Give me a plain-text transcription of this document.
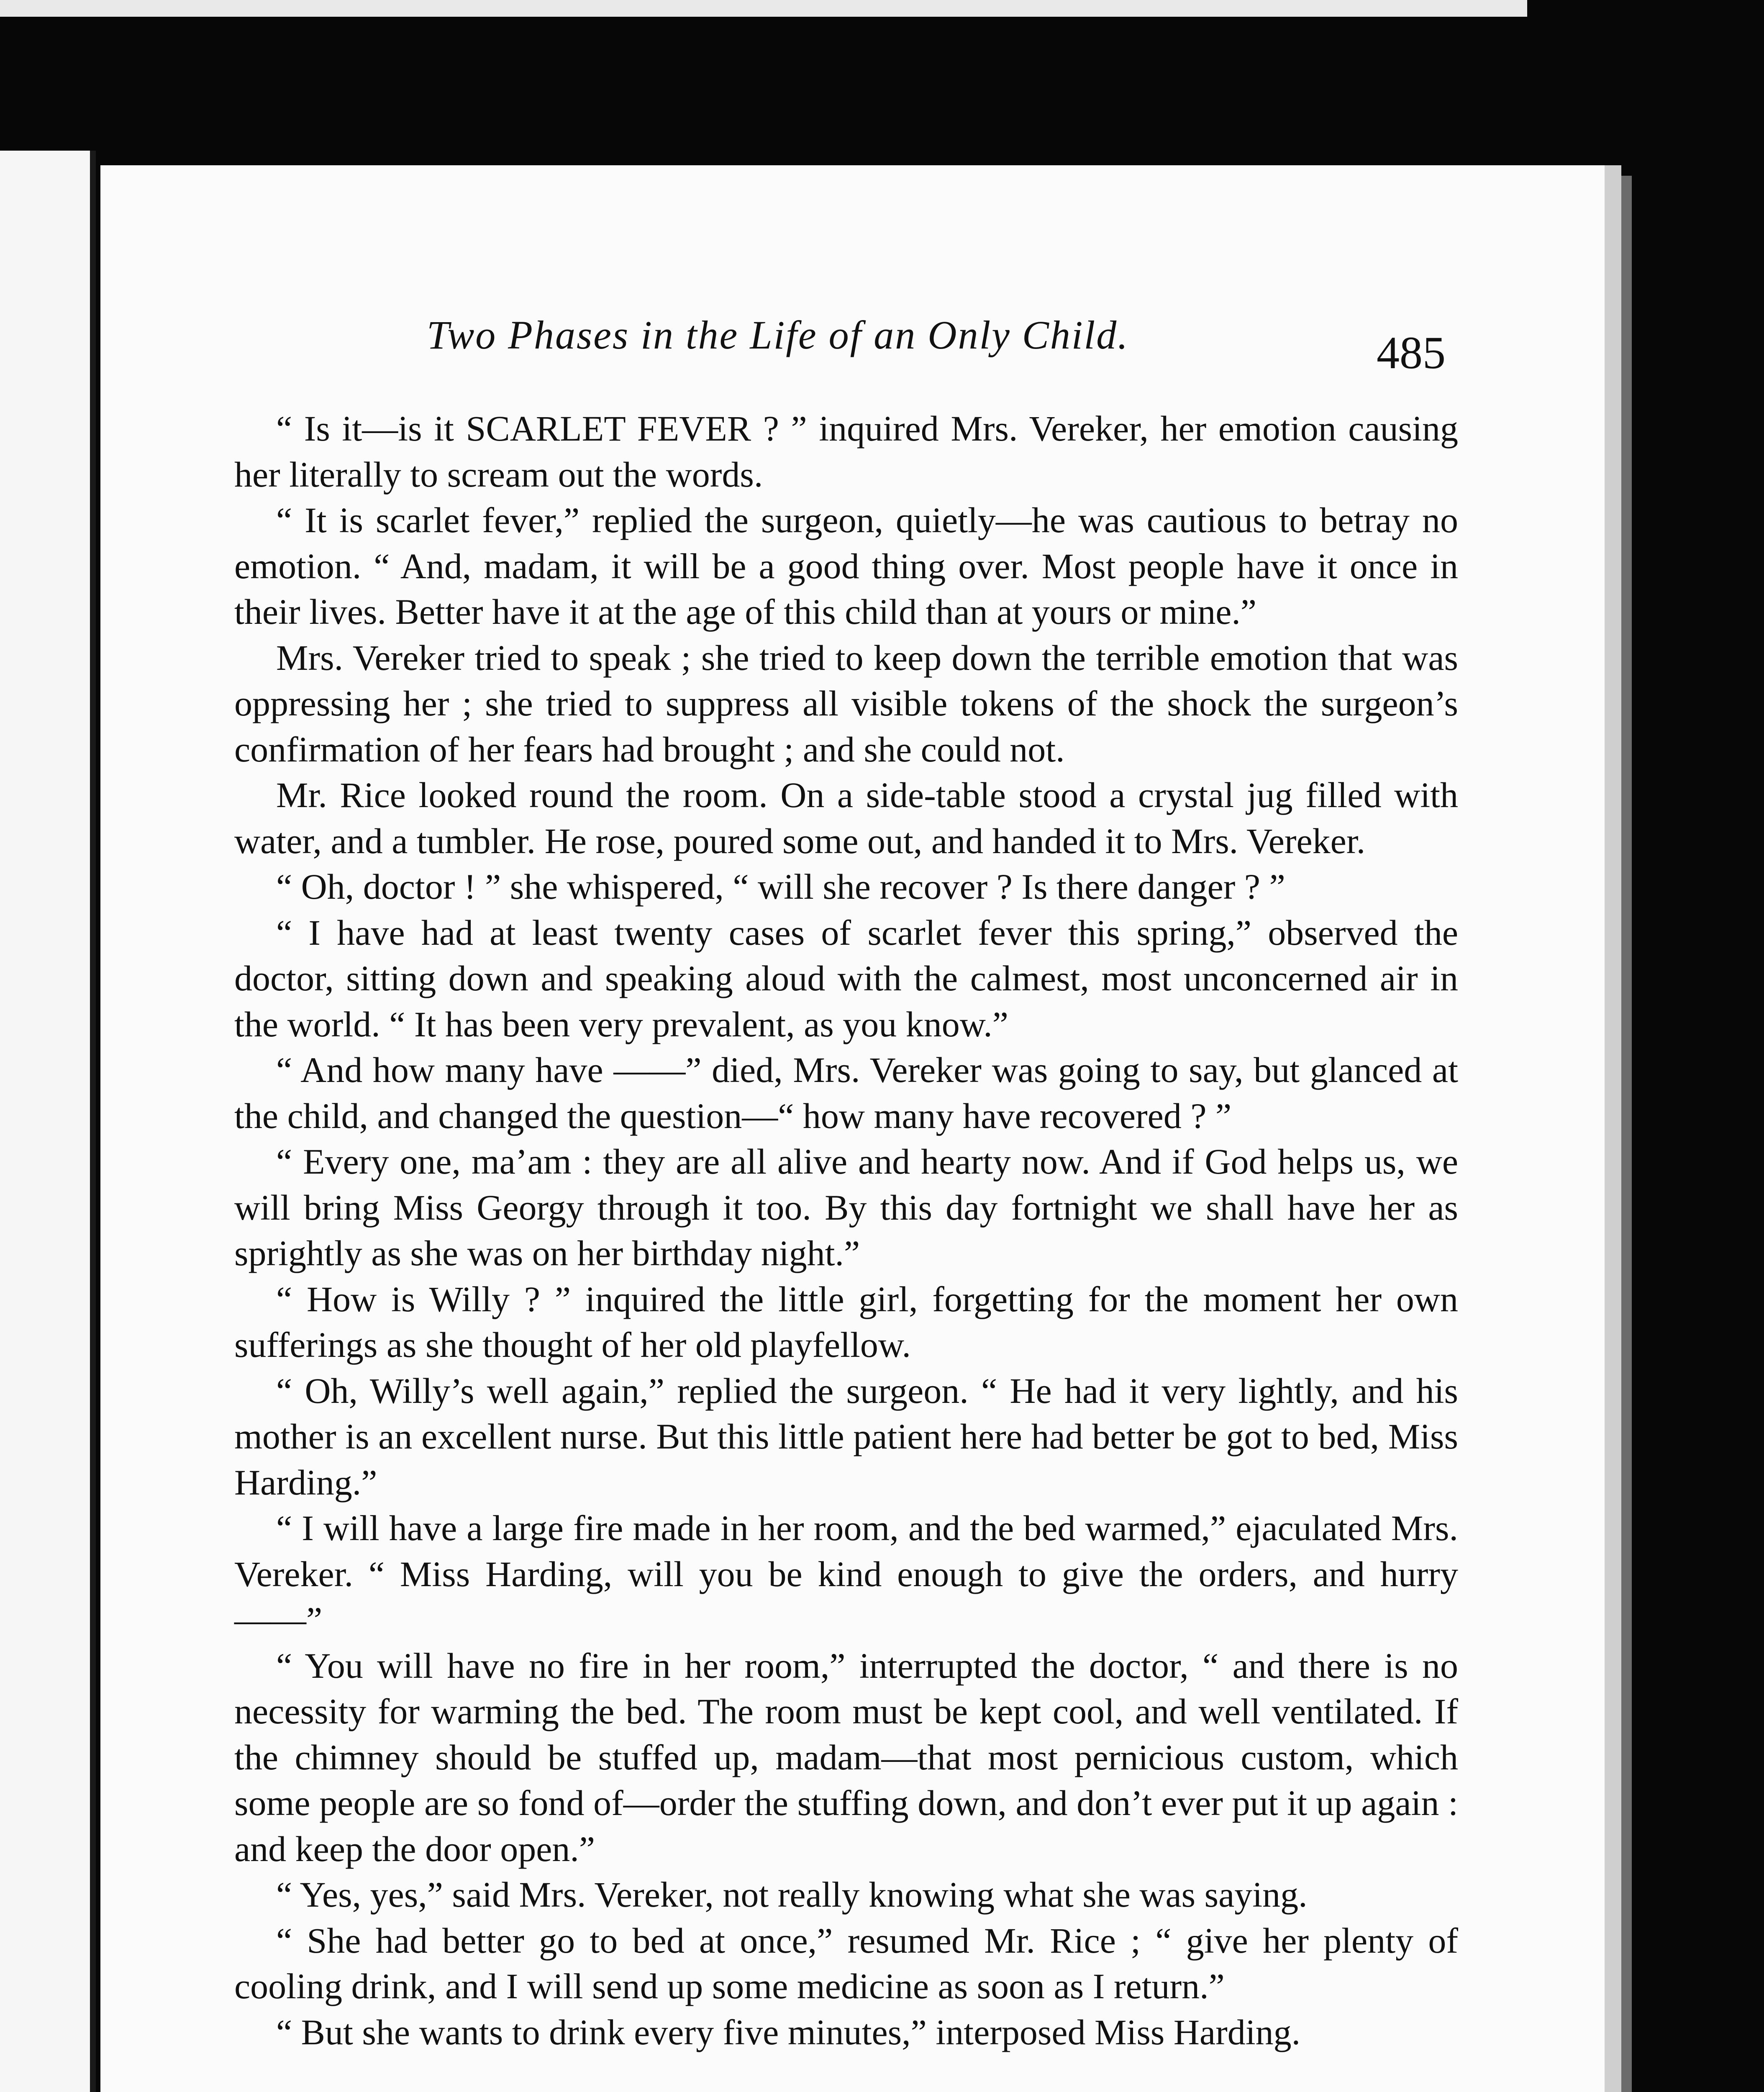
Two Phases in the Life of an Only Child.	485

“ Is it—is it SCARLET FEVER ? ” inquired Mrs. Vereker, her emotion causing her literally to scream out the words.

“ It is scarlet fever,” replied the surgeon, quietly—he was cautious to betray no emotion. “ And, madam, it will be a good thing over. Most people have it once in their lives. Better have it at the age of this child than at yours or mine.”

Mrs. Vereker tried to speak ; she tried to keep down the terrible emotion that was oppressing her ; she tried to suppress all visible tokens of the shock the surgeon’s confirmation of her fears had brought ; and she could not.

Mr. Rice looked round the room. On a side-table stood a crystal jug filled with water, and a tumbler. He rose, poured some out, and handed it to Mrs. Vereker.

“ Oh, doctor ! ” she whispered, “ will she recover ? Is there danger ? ”

“ I have had at least twenty cases of scarlet fever this spring,” observed the doctor, sitting down and speaking aloud with the calmest, most unconcerned air in the world. “ It has been very prevalent, as you know.”

“ And how many have ——” died, Mrs. Vereker was going to say, but glanced at the child, and changed the question—“ how many have recovered ? ”

“ Every one, ma’am : they are all alive and hearty now. And if God helps us, we will bring Miss Georgy through it too. By this day fortnight we shall have her as sprightly as she was on her birthday night.”

“ How is Willy ? ” inquired the little girl, forgetting for the moment her own sufferings as she thought of her old playfellow.

“ Oh, Willy’s well again,” replied the surgeon. “ He had it very lightly, and his mother is an excellent nurse. But this little patient here had better be got to bed, Miss Harding.”

“ I will have a large fire made in her room, and the bed warmed,” ejaculated Mrs. Vereker. “ Miss Harding, will you be kind enough to give the orders, and hurry ——”

“ You will have no fire in her room,” interrupted the doctor, “ and there is no necessity for warming the bed. The room must be kept cool, and well ventilated. If the chimney should be stuffed up, madam—that most pernicious custom, which some people are so fond of—order the stuffing down, and don’t ever put it up again : and keep the door open.”

“ Yes, yes,” said Mrs. Vereker, not really knowing what she was saying.

“ She had better go to bed at once,” resumed Mr. Rice ; “ give her plenty of cooling drink, and I will send up some medicine as soon as I return.”

“ But she wants to drink every five minutes,” interposed Miss Harding.
